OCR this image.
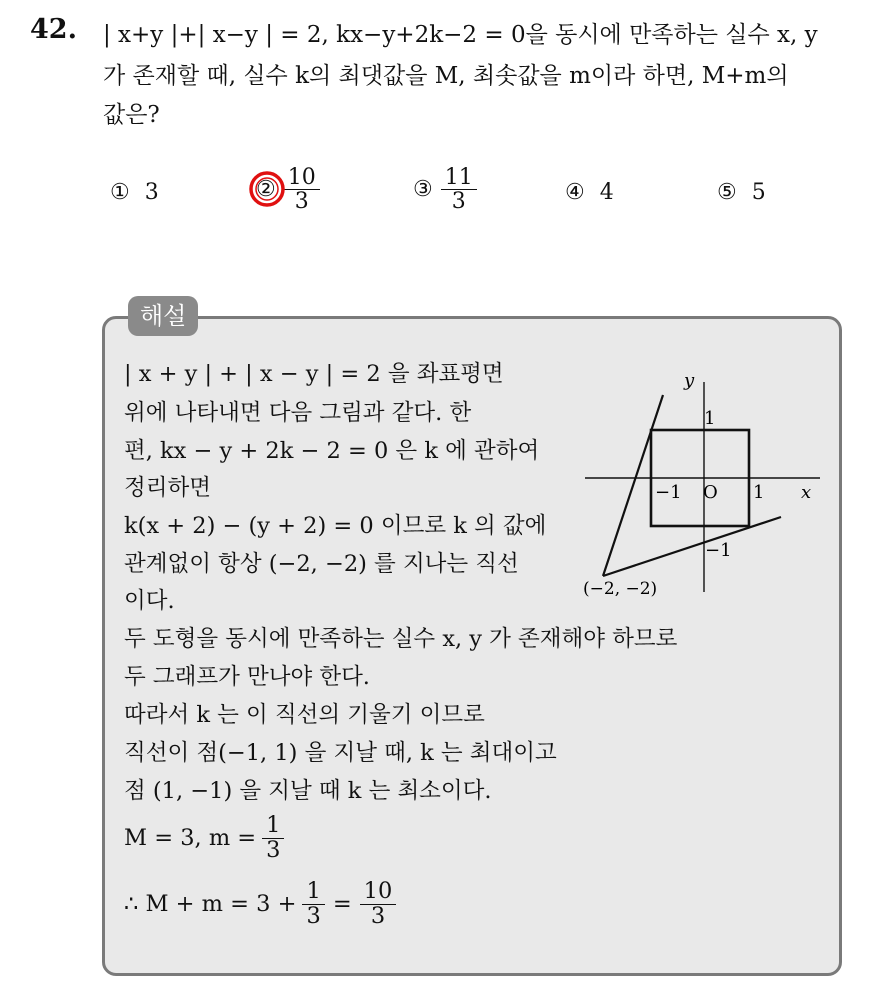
42. | x+y |+| x−y | = 2, kx−y+2k−2 = 0을 동시에 만족하는 실수 x, y
가 존재할 때, 실수 k의 최댓값을 M, 최솟값을 m이라 하면, M+m의
값은?
① 3	② $\frac{10}{3}$	③ $\frac{11}{3}$	④ 4	⑤ 5
해설
| x + y | + | x − y | = 2 을 좌표평면
위에 나타내면 다음 그림과 같다. 한
편, kx − y + 2k − 2 = 0 은 k 에 관하여
정리하면
k(x + 2) − (y + 2) = 0 이므로 k 의 값에
관계없이 항상 (−2, −2) 를 지나는 직선
이다.
두 도형을 동시에 만족하는 실수 x, y 가 존재해야 하므로
두 그래프가 만나야 한다.
따라서 k 는 이 직선의 기울기 이므로
직선이 점(−1, 1) 을 지날 때, k 는 최대이고
점 (1, −1) 을 지날 때 k 는 최소이다.
M = 3, $m = \frac{1}{3}$
∴ $M + m = 3 + \frac{1}{3} = \frac{10}{3}$
y
x
1
−1 O 1
−1
(−2, −2)
